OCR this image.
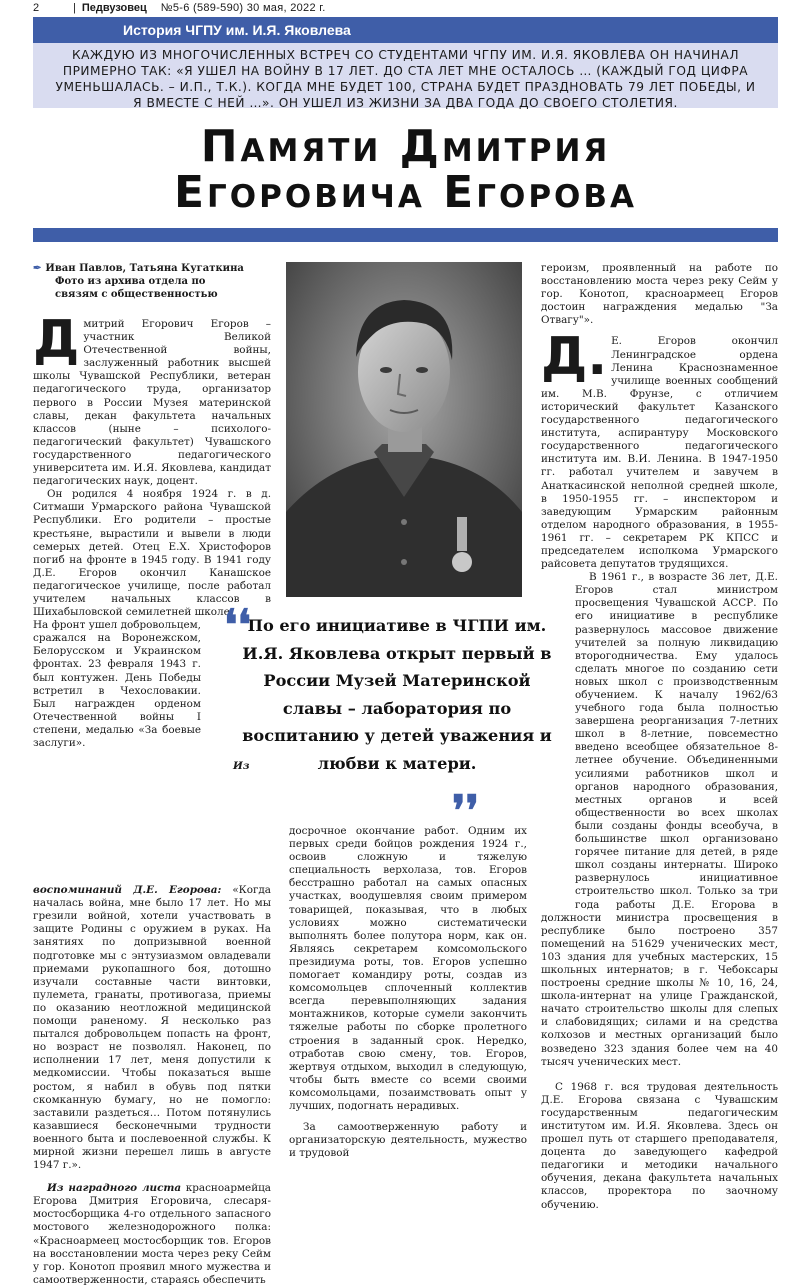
2	| Педвузовец №5-6 (589-590) 30 мая, 2022 г.
История ЧГПУ им. И.Я. Яковлева
КАЖДУЮ ИЗ МНОГОЧИСЛЕННЫХ ВСТРЕЧ СО СТУДЕНТАМИ ЧГПУ ИМ. И.Я. ЯКОВЛЕВА ОН НАЧИНАЛ ПРИМЕРНО ТАК: «Я УШЕЛ НА ВОЙНУ В 17 ЛЕТ. ДО СТА ЛЕТ МНЕ ОСТАЛОСЬ … (КАЖДЫЙ ГОД ЦИФРА УМЕНЬШАЛАСЬ. – И.П., Т.К.). КОГДА МНЕ БУДЕТ 100, СТРАНА БУДЕТ ПРАЗДНОВАТЬ 79 ЛЕТ ПОБЕДЫ, И Я ВМЕСТЕ С НЕЙ …». ОН УШЕЛ ИЗ ЖИЗНИ ЗА ДВА ГОДА ДО СВОЕГО СТОЛЕТИЯ.
Памяти Дмитрия
Егоровича Егорова
✒ Иван Павлов, Татьяна Кугаткина
Фото из архива отдела по
связям с общественностью

Дмитрий Егорович Егоров – участник Великой Отечественной войны, заслуженный работник высшей школы Чувашской Республики, ветеран педагогического труда, организатор первого в России Музея материнской славы, декан факультета начальных классов (ныне – психолого-педагогический факультет) Чувашского государственного педагогического университета им. И.Я. Яковлева, кандидат педагогических наук, доцент.

Он родился 4 ноября 1924 г. в д. Ситмаши Урмарского района Чувашской Республики. Его родители – простые крестьяне, вырастили и вывели в люди семерых детей. Отец Е.Х. Христофоров погиб на фронте в 1945 году. В 1941 году Д.Е. Егоров окончил Канашское педагогическое училище, после работал учителем начальных классов в Шихабыловской семилетней школе.

На фронт ушел добровольцем, сражался на Воронежском, Белорусском и Украинском фронтах. 23 февраля 1943 г. был контужен. День Победы встретил в Чехословакии. Был награжден орденом Отечественной войны I степени, медалью «За боевые заслуги».

Из воспоминаний Д.Е. Егорова: «Когда началась война, мне было 17 лет. Но мы грезили войной, хотели участвовать в защите Родины с оружием в руках. На занятиях по допризывной военной подготовке мы с энтузиазмом овладевали приемами рукопашного боя, дотошно изучали составные части винтовки, пулемета, гранаты, противогаза, приемы по оказанию неотложной медицинской помощи раненому. Я несколько раз пытался добровольцем попасть на фронт, но возраст не позволял. Наконец, по исполнении 17 лет, меня допустили к медкомиссии. Чтобы показаться выше ростом, я набил в обувь под пятки скомканную бумагу, но не помогло: заставили раздеться… Потом потянулись казавшиеся бесконечными трудности военного быта и послевоенной службы. К мирной жизни перешел лишь в августе 1947 г.».

Из наградного листа красноармейца Егорова Дмитрия Егоровича, слесаря-мостосборщика 4-го отдельного запасного мостового железнодорожного полка: «Красноармеец мостосборщик тов. Егоров на восстановлении моста через реку Сейм у гор. Конотоп проявил много мужества и самоотверженности, стараясь обеспечить

По его инициативе в ЧГПИ им. И.Я. Яковлева открыт первый в России Музей Материнской славы – лаборатория по воспитанию у детей уважения и любви к матери.
❛❛
❜❜

досрочное окончание работ. Одним их первых среди бойцов рождения 1924 г., освоив сложную и тяжелую специальность верхолаза, тов. Егоров бесстрашно работал на самых опасных участках, воодушевляя своим примером товарищей, показывая, что в любых условиях можно систематически выполнять более полутора норм, как он. Являясь секретарем комсомольского президиума роты, тов. Егоров успешно помогает командиру роты, создав из комсомольцев сплоченный коллектив всегда перевыполняющих задания монтажников, которые сумели закончить тяжелые работы по сборке пролетного строения в заданный срок. Нередко, отработав свою смену, тов. Егоров, жертвуя отдыхом, выходил в следующую, чтобы быть вместе со всеми своими комсомольцами, позаимствовать опыт у лучших, подогнать нерадивых.

За самоотверженную работу и организаторскую деятельность, мужество и трудовой

героизм, проявленный на работе по восстановлению моста через реку Сейм у гор. Конотоп, красноармеец Егоров достоин награждения медалью "За Отвагу"».

Д. Е. Егоров окончил Ленинградское ордена Ленина Краснознаменное училище военных сообщений им. М.В. Фрунзе, с отличием исторический факультет Казанского государственного педагогического института, аспирантуру Московского государственного педагогического института им. В.И. Ленина. В 1947-1950 гг. работал учителем и завучем в Анаткасинской неполной средней школе, в 1950-1955 гг. – инспектором и заведующим Урмарским районным отделом народного образования, в 1955-1961 гг. – секретарем РК КПСС и председателем исполкома Урмарского райсовета депутатов трудящихся.

В 1961 г., в возрасте 36 лет, Д.Е. Егоров стал министром просвещения Чувашской АССР. По его инициативе в республике развернулось массовое движение учителей за полную ликвидацию второгодничества. Ему удалось сделать многое по созданию сети новых школ с производственным обучением. К началу 1962/63 учебного года была полностью завершена реорганизация 7-летних школ в 8-летние, повсеместно введено всеобщее обязательное 8-летнее обучение. Объединенными усилиями работников школ и органов народного образования, местных органов и всей общественности во всех школах были созданы фонды всеобуча, в большинстве школ организовано горячее питание для детей, в ряде школ созданы интернаты. Широко развернулось инициативное строительство школ. Только за три года работы Д.Е. Егорова в должности министра просвещения в республике было построено 357 помещений на 51629 ученических мест, 103 здания для учебных мастерских, 15 школьных интернатов; в г. Чебоксары построены средние школы № 10, 16, 24, школа-интернат на улице Гражданской, начато строительство школы для слепых и слабовидящих; силами и на средства колхозов и местных организаций было возведено 323 здания более чем на 40 тысяч ученических мест.

С 1968 г. вся трудовая деятельность Д.Е. Егорова связана с Чувашским государственным педагогическим институтом им. И.Я. Яковлева. Здесь он прошел путь от старшего преподавателя, доцента до заведующего кафедрой педагогики и методики начального обучения, декана факультета начальных классов, проректора по заочному обучению.
